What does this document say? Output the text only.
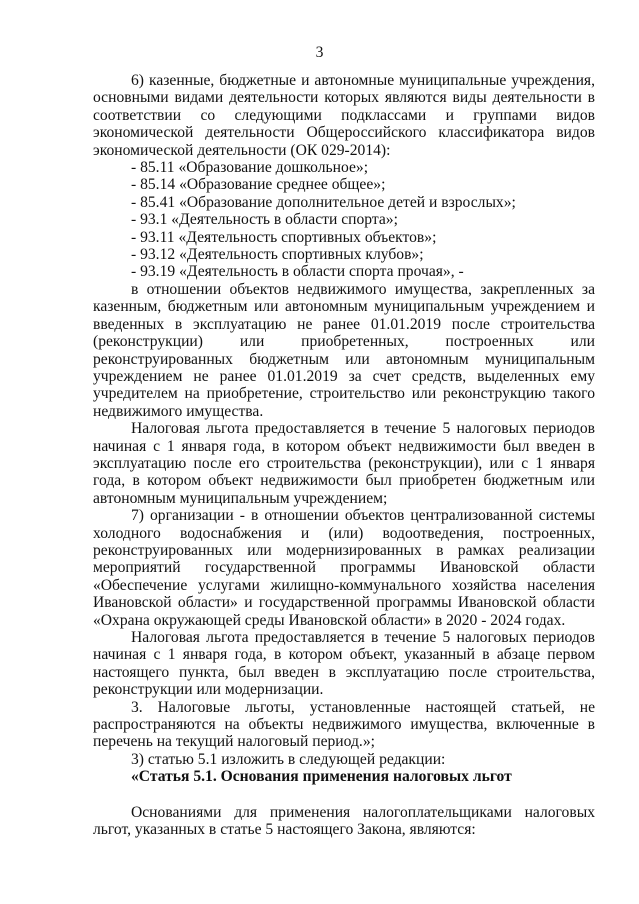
3

6) казенные, бюджетные и автономные муниципальные учреждения, основными видами деятельности которых являются виды деятельности в соответствии со следующими подклассами и группами видов экономической деятельности Общероссийского классификатора видов экономической деятельности (ОК 029-2014):

- 85.11 «Образование дошкольное»;

- 85.14 «Образование среднее общее»;

- 85.41 «Образование дополнительное детей и взрослых»;

- 93.1 «Деятельность в области спорта»;

- 93.11 «Деятельность спортивных объектов»;

- 93.12 «Деятельность спортивных клубов»;

- 93.19 «Деятельность в области спорта прочая», -

в отношении объектов недвижимого имущества, закрепленных за казенным, бюджетным или автономным муниципальным учреждением и введенных в эксплуатацию не ранее 01.01.2019 после строительства (реконструкции) или приобретенных, построенных или реконструированных бюджетным или автономным муниципальным учреждением не ранее 01.01.2019 за счет средств, выделенных ему учредителем на приобретение, строительство или реконструкцию такого недвижимого имущества.

Налоговая льгота предоставляется в течение 5 налоговых периодов начиная с 1 января года, в котором объект недвижимости был введен в эксплуатацию после его строительства (реконструкции), или с 1 января года, в котором объект недвижимости был приобретен бюджетным или автономным муниципальным учреждением;

7) организации - в отношении объектов централизованной системы холодного водоснабжения и (или) водоотведения, построенных, реконструированных или модернизированных в рамках реализации мероприятий государственной программы Ивановской области «Обеспечение услугами жилищно-коммунального хозяйства населения Ивановской области» и государственной программы Ивановской области «Охрана окружающей среды Ивановской области» в 2020 - 2024 годах.

Налоговая льгота предоставляется в течение 5 налоговых периодов начиная с 1 января года, в котором объект, указанный в абзаце первом настоящего пункта, был введен в эксплуатацию после строительства, реконструкции или модернизации.

3. Налоговые льготы, установленные настоящей статьей, не распространяются на объекты недвижимого имущества, включенные в перечень на текущий налоговый период.»;

3) статью 5.1 изложить в следующей редакции:

«Статья 5.1. Основания применения налоговых льгот

Основаниями для применения налогоплательщиками налоговых льгот, указанных в статье 5 настоящего Закона, являются:
